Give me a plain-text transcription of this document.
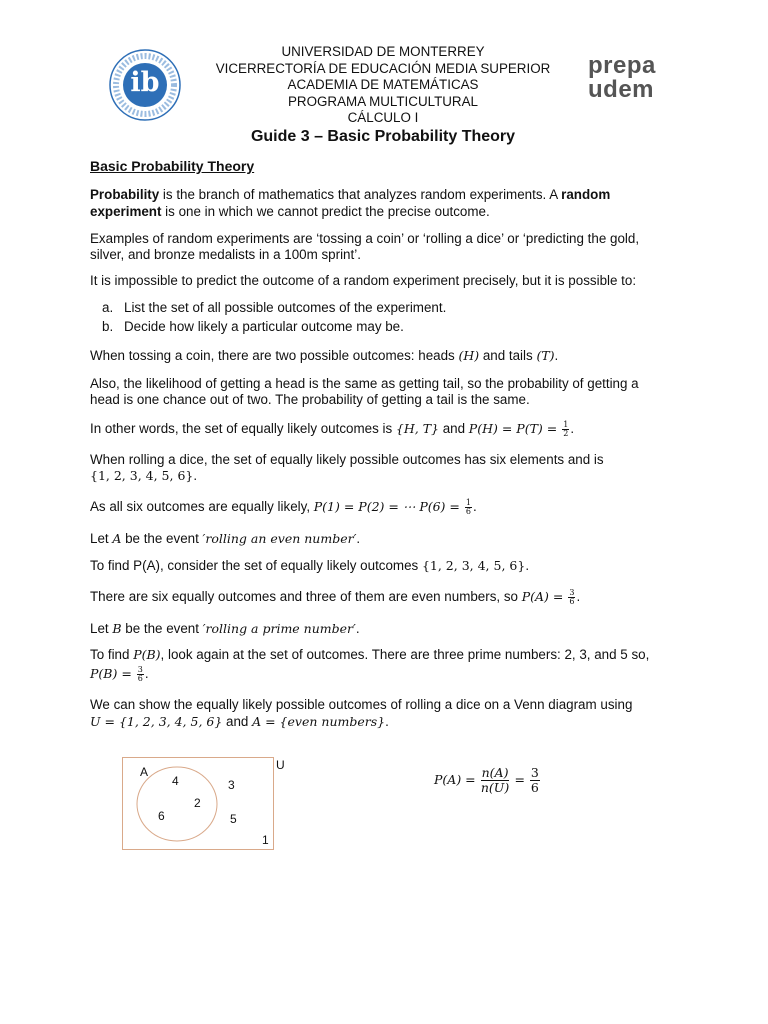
ib
UNIVERSIDAD DE MONTERREY
VICERRECTORÍA DE EDUCACIÓN MEDIA SUPERIOR
ACADEMIA DE MATEMÁTICAS
PROGRAMA MULTICULTURAL
CÁLCULO I
Guide 3 – Basic Probability Theory
prepa
udem

Basic Probability Theory

Probability is the branch of mathematics that analyzes random experiments. A random

experiment is one in which we cannot predict the precise outcome.

Examples of random experiments are ‘tossing a coin’ or ‘rolling a dice’ or ‘predicting the gold,

silver, and bronze medalists in a 100m sprint’.

It is impossible to predict the outcome of a random experiment precisely, but it is possible to:

a. List the set of all possible outcomes of the experiment.

b. Decide how likely a particular outcome may be.

When tossing a coin, there are two possible outcomes: heads (H) and tails (T).

Also, the likelihood of getting a head is the same as getting tail, so the probability of getting a

head is one chance out of two. The probability of getting a tail is the same.

In other words, the set of equally likely outcomes is {H, T} and $P(H) = P(T) = \frac{1}{2}$ .

When rolling a dice, the set of equally likely possible outcomes has six elements and is

{1, 2, 3, 4, 5, 6}.

As all six outcomes are equally likely, P(1) = P(2) = ⋯ $P(6) = \frac{1}{6}$ .

Let A be the event ′rolling an even number′.

To find P(A), consider the set of equally likely outcomes {1, 2, 3, 4, 5, 6}.

There are six equally outcomes and three of them are even numbers, so $P(A) = \frac{3}{6}$ .

Let B be the event ′rolling a prime number′.

To find P(B), look again at the set of outcomes. There are three prime numbers: 2, 3, and 5 so,

$P(B) = \frac{3}{6}$ .

We can show the equally likely possible outcomes of rolling a dice on a Venn diagram using

U = {1, 2, 3, 4, 5, 6} and A = {even numbers}.

A	U
4
2
6
3
5
1
$P(A) = \frac{n(A)}{n(U)} = \frac{3}{6}$
